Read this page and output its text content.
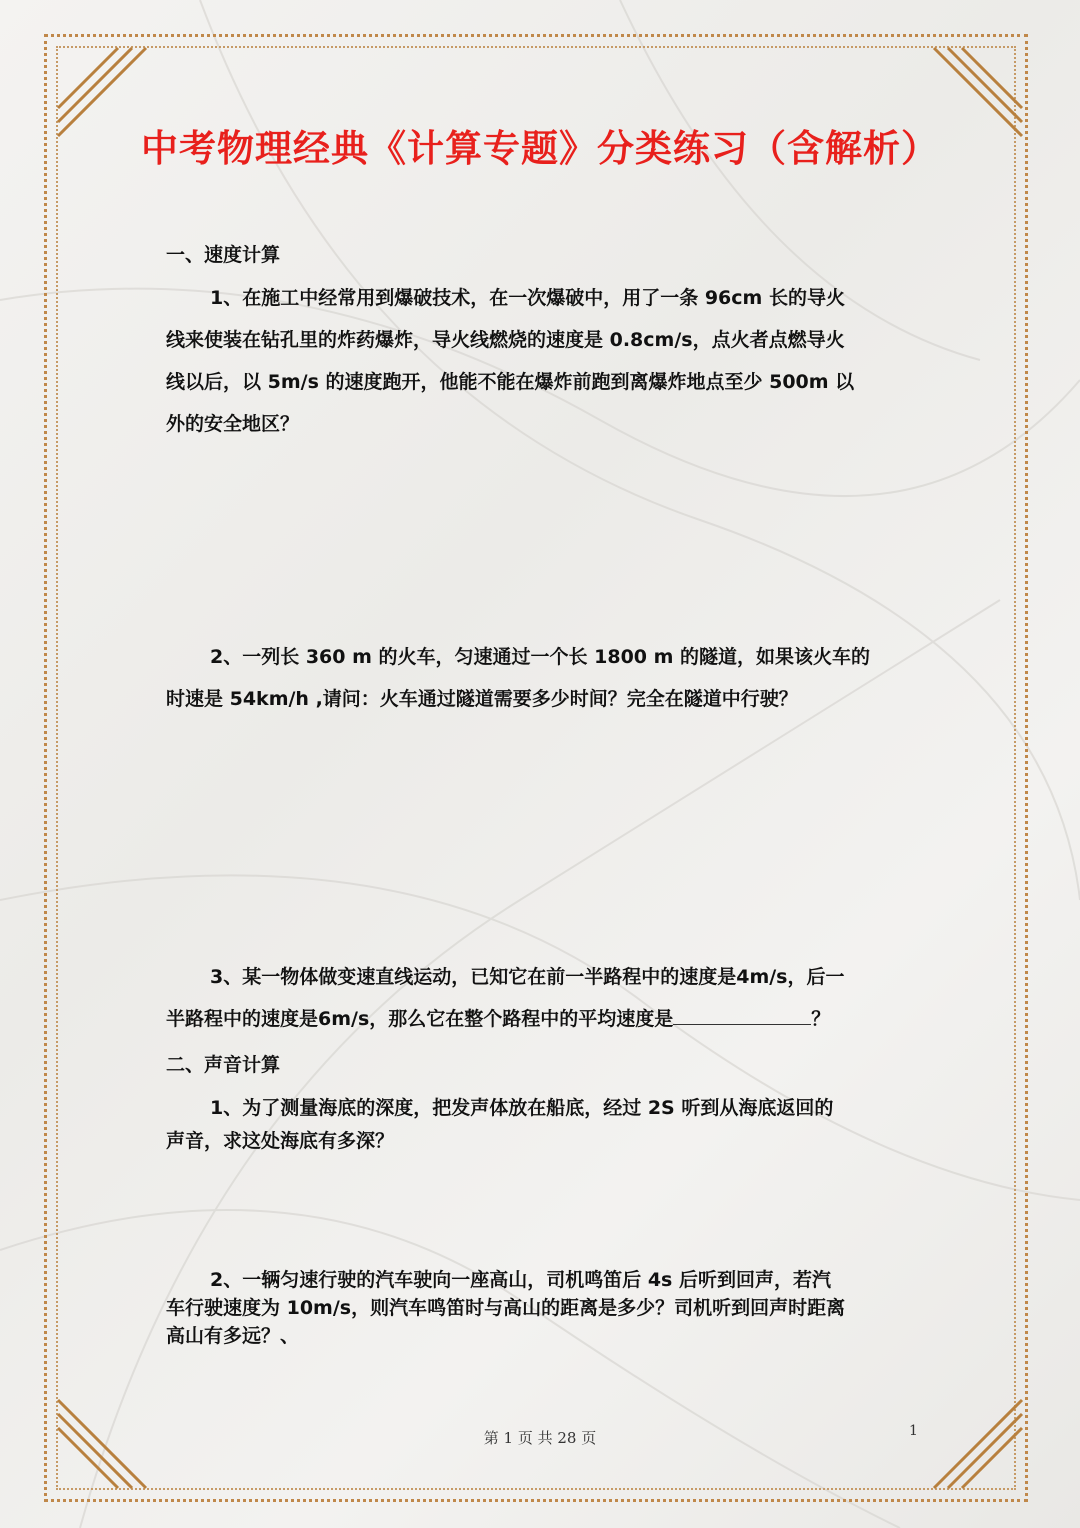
中考物理经典《计算专题》分类练习（含解析）
一、速度计算
1、在施工中经常用到爆破技术，在一次爆破中，用了一条 96cm 长的导火
线来使装在钻孔里的炸药爆炸，导火线燃烧的速度是 0.8cm/s，点火者点燃导火
线以后，以 5m/s 的速度跑开，他能不能在爆炸前跑到离爆炸地点至少 500m 以
外的安全地区？
2、一列长 360 m 的火车，匀速通过一个长 1800 m 的隧道，如果该火车的
时速是 54km/h ,请问：火车通过隧道需要多少时间？完全在隧道中行驶？
3、某一物体做变速直线运动，已知它在前一半路程中的速度是4m/s，后一
半路程中的速度是6m/s，那么它在整个路程中的平均速度是	？
二、声音计算
1、为了测量海底的深度，把发声体放在船底，经过 2S 听到从海底返回的
声音，求这处海底有多深？
2、一辆匀速行驶的汽车驶向一座高山，司机鸣笛后 4s 后听到回声，若汽
车行驶速度为 10m/s，则汽车鸣笛时与高山的距离是多少？司机听到回声时距离
高山有多远？、
第 1 页 共 28 页	1
